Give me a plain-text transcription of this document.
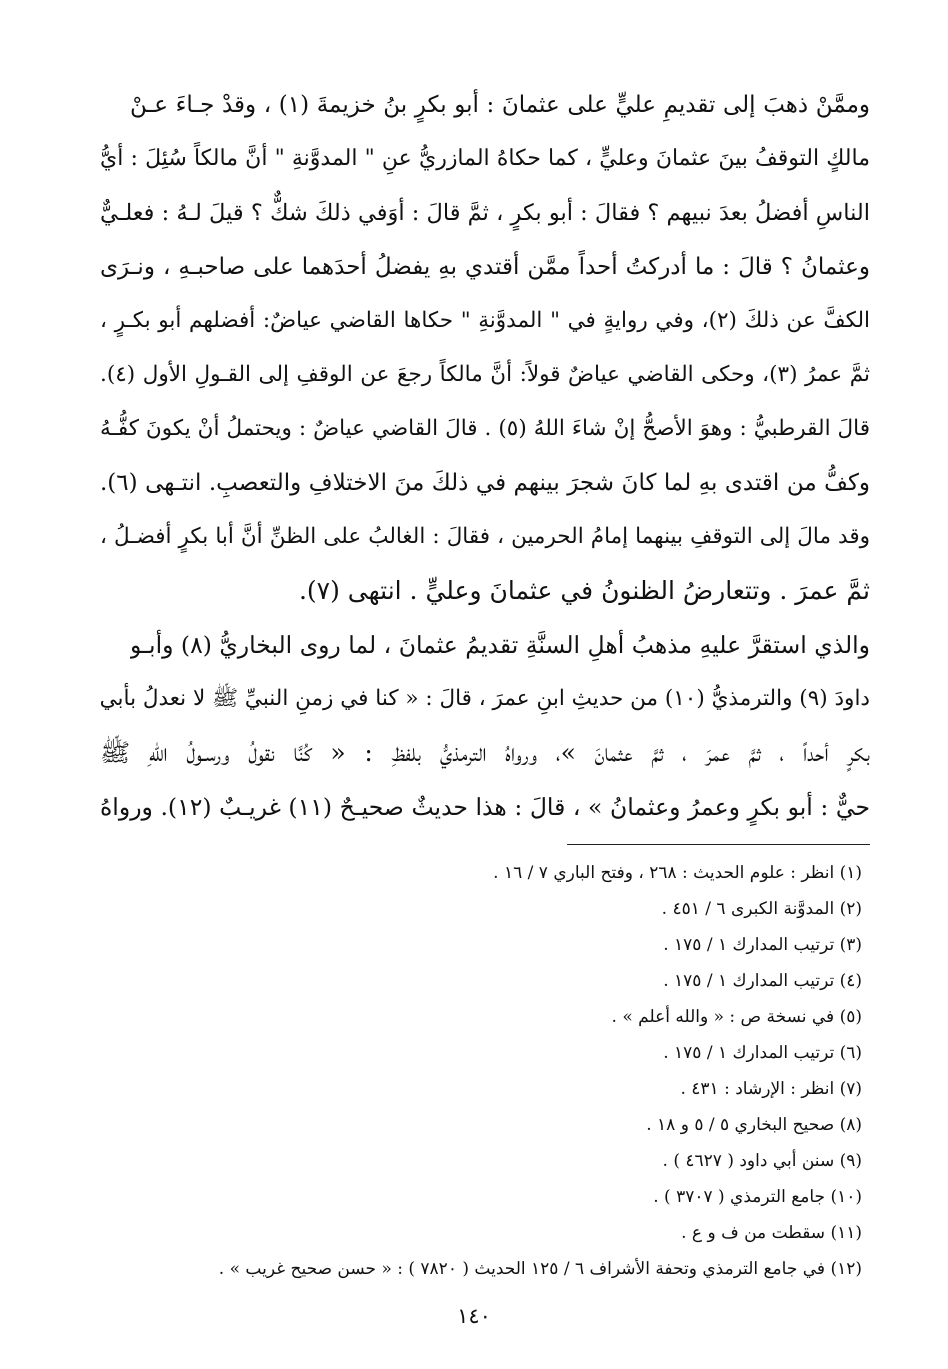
وممَّنْ ذهبَ إلى تقديمِ عليٍّ على عثمانَ : أبو بكرٍ بنُ خزيمةَ (١) ، وقدْ جـاءَ عـنْ
مالكٍ التوقفُ بينَ عثمانَ وعليٍّ ، كما حكاهُ المازريُّ عنِ " المدوَّنةِ " أنَّ مالكاً سُئِلَ : أيُّ
الناسِ أفضلُ بعدَ نبيهم ؟ فقالَ : أبو بكرٍ ، ثمَّ قالَ : أوَفي ذلكَ شكٌّ ؟ قيلَ لـهُ : فعلـيٌّ
وعثمانُ ؟ قالَ : ما أدركتُ أحداً ممَّن أقتدي بهِ يفضلُ أحدَهما على صاحبـهِ ، ونـرَى
الكفَّ عن ذلكَ (٢)، وفي روايةٍ في " المدوَّنةِ " حكاها القاضي عياضٌ: أفضلهم أبو بكـرٍ ،
ثمَّ عمرُ (٣)، وحكى القاضي عياضٌ قولاً: أنَّ مالكاً رجعَ عن الوقفِ إلى القـولِ الأول (٤).
قالَ القرطبيُّ : وهوَ الأصحُّ إنْ شاءَ اللهُ (٥) . قالَ القاضي عياضٌ : ويحتملُ أنْ يكونَ كفُّـهُ
وكفُّ من اقتدى بهِ لما كانَ شجرَ بينهم في ذلكَ منَ الاختلافِ والتعصبِ. انتـهى (٦).
وقد مالَ إلى التوقفِ بينهما إمامُ الحرمين ، فقالَ : الغالبُ على الظنِّ أنَّ أبا بكرٍ أفضـلُ ،
ثمَّ عمرَ . وتتعارضُ الظنونُ في عثمانَ وعليٍّ . انتهى (٧).
والذي استقرَّ عليهِ مذهبُ أهلِ السنَّةِ تقديمُ عثمانَ ، لما روى البخاريُّ (٨) وأبـو
داودَ (٩) والترمذيُّ (١٠) من حديثِ ابنِ عمرَ ، قالَ : « كنا في زمنِ النبيِّ ﷺ لا نعدلُ بأبي
بكرٍ أحداً ، ثمَّ عمرَ ، ثمَّ عثمانَ »، ورواهُ الترمذيُّ بلفظِ : « كُنَّا نقولُ ورسـولُ اللهِ ﷺ
حيٌّ : أبو بكرٍ وعمرُ وعثمانُ » ، قالَ : هذا حديثٌ صحيـحٌ (١١) غريـبٌ (١٢). ورواهُ
(١) انظر : علوم الحديث : ٢٦٨ ، وفتح الباري ٧ / ١٦ .
(٢) المدوَّنة الكبرى ٦ / ٤٥١ .
(٣) ترتيب المدارك ١ / ١٧٥ .
(٤) ترتيب المدارك ١ / ١٧٥ .
(٥) في نسخة ص : « والله أعلم » .
(٦) ترتيب المدارك ١ / ١٧٥ .
(٧) انظر : الإرشاد : ٤٣١ .
(٨) صحيح البخاري ٥ / ٥ و ١٨ .
(٩) سنن أبي داود ( ٤٦٢٧ ) .
(١٠) جامع الترمذي ( ٣٧٠٧ ) .
(١١) سقطت من ف و ع .
(١٢) في جامع الترمذي وتحفة الأشراف ٦ / ١٢٥ الحديث ( ٧٨٢٠ ) : « حسن صحيح غريب » .
١٤٠
